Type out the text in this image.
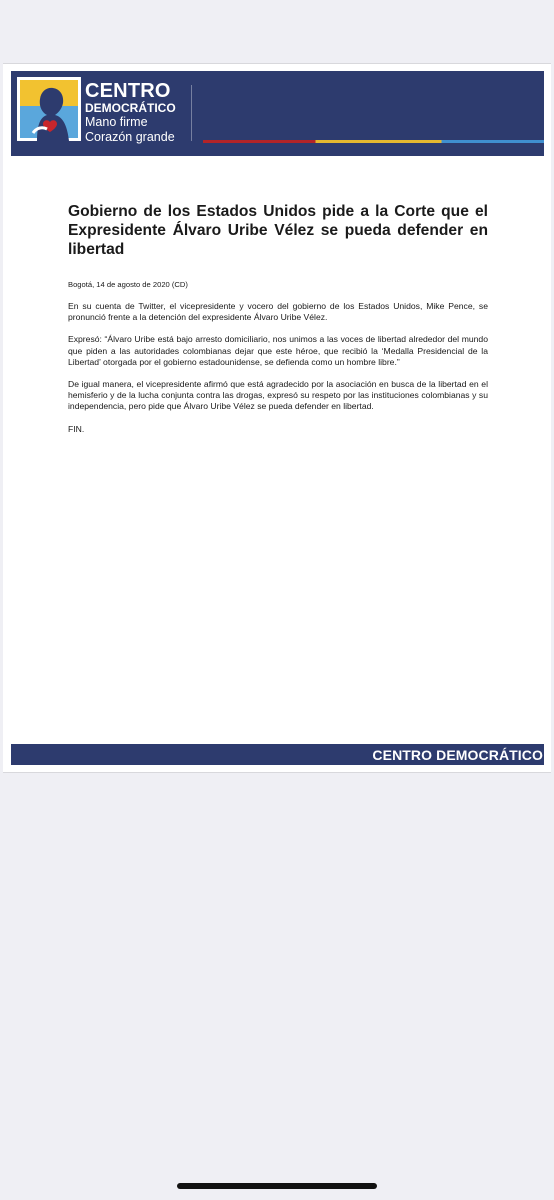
CENTRO
DEMOCRÁTICO
Mano firme
Corazón grande
Gobierno de los Estados Unidos pide a la Corte que el Expresidente Álvaro Uribe Vélez se pueda defender en libertad

Bogotá, 14 de agosto de 2020 (CD)

En su cuenta de Twitter, el vicepresidente y vocero del gobierno de los Estados Unidos, Mike Pence, se pronunció frente a la detención del expresidente Álvaro Uribe Vélez.

Expresó: “Álvaro Uribe está bajo arresto domiciliario, nos unimos a las voces de libertad alrededor del mundo que piden a las autoridades colombianas dejar que este héroe, que recibió la ‘Medalla Presidencial de la Libertad’ otorgada por el gobierno estadounidense, se defienda como un hombre libre.”

De igual manera, el vicepresidente afirmó que está agradecido por la asociación en busca de la libertad en el hemisferio y de la lucha conjunta contra las drogas, expresó su respeto por las instituciones colombianas y su independencia, pero pide que Álvaro Uribe Vélez se pueda defender en libertad.

FIN.

CENTRO DEMOCRÁTICO
